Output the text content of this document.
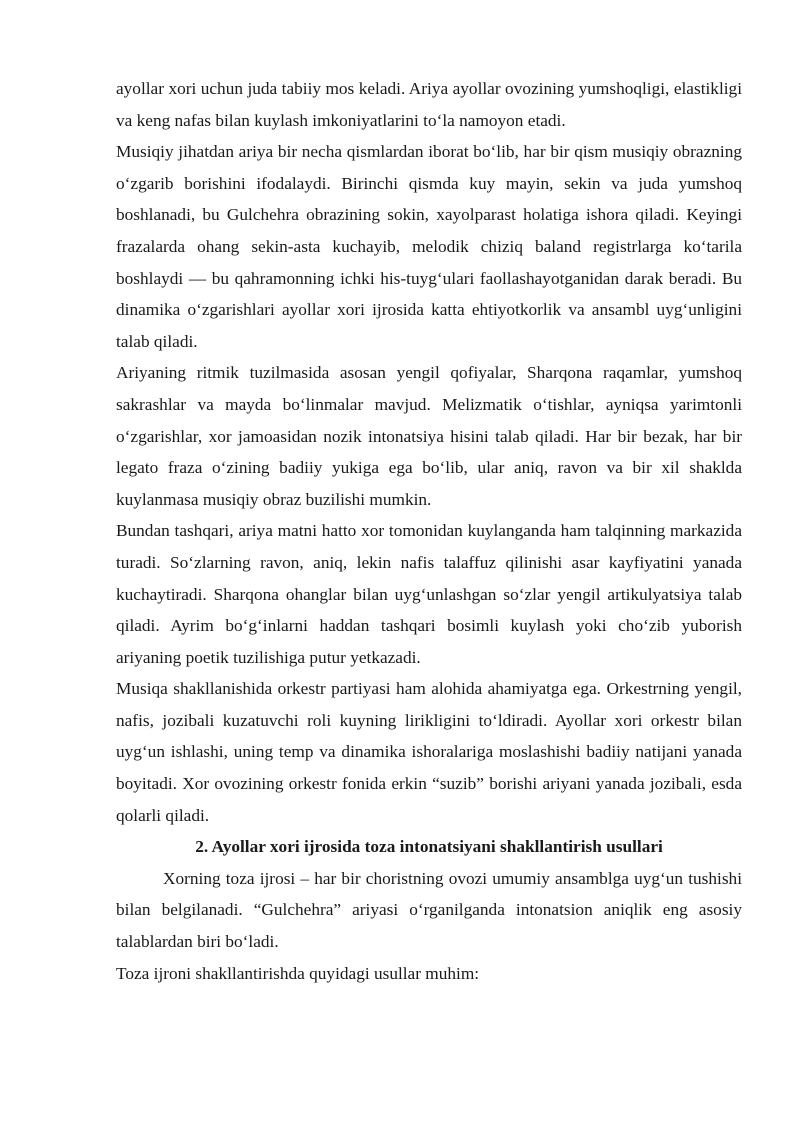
ayollar xori uchun juda tabiiy mos keladi. Ariya ayollar ovozining yumshoqligi, elastikligi va keng nafas bilan kuylash imkoniyatlarini to‘la namoyon etadi.

Musiqiy jihatdan ariya bir necha qismlardan iborat bo‘lib, har bir qism musiqiy obrazning o‘zgarib borishini ifodalaydi. Birinchi qismda kuy mayin, sekin va juda yumshoq boshlanadi, bu Gulchehra obrazining sokin, xayolparast holatiga ishora qiladi. Keyingi frazalarda ohang sekin-asta kuchayib, melodik chiziq baland registrlarga ko‘tarila boshlaydi — bu qahramonning ichki his-tuyg‘ulari faollashayotganidan darak beradi. Bu dinamika o‘zgarishlari ayollar xori ijrosida katta ehtiyotkorlik va ansambl uyg‘unligini talab qiladi.

Ariyaning ritmik tuzilmasida asosan yengil qofiyalar, Sharqona raqamlar, yumshoq sakrashlar va mayda bo‘linmalar mavjud. Melizmatik o‘tishlar, ayniqsa yarimtonli o‘zgarishlar, xor jamoasidan nozik intonatsiya hisini talab qiladi. Har bir bezak, har bir legato fraza o‘zining badiiy yukiga ega bo‘lib, ular aniq, ravon va bir xil shaklda kuylanmasa musiqiy obraz buzilishi mumkin.

Bundan tashqari, ariya matni hatto xor tomonidan kuylanganda ham talqinning markazida turadi. So‘zlarning ravon, aniq, lekin nafis talaffuz qilinishi asar kayfiyatini yanada kuchaytiradi. Sharqona ohanglar bilan uyg‘unlashgan so‘zlar yengil artikulyatsiya talab qiladi. Ayrim bo‘g‘inlarni haddan tashqari bosimli kuylash yoki cho‘zib yuborish ariyaning poetik tuzilishiga putur yetkazadi.

Musiqa shakllanishida orkestr partiyasi ham alohida ahamiyatga ega. Orkestrning yengil, nafis, jozibali kuzatuvchi roli kuyning lirikligini to‘ldiradi. Ayollar xori orkestr bilan uyg‘un ishlashi, uning temp va dinamika ishoralariga moslashishi badiiy natijani yanada boyitadi. Xor ovozining orkestr fonida erkin “suzib” borishi ariyani yanada jozibali, esda qolarli qiladi.

2. Ayollar xori ijrosida toza intonatsiyani shakllantirish usullari

Xorning toza ijrosi – har bir choristning ovozi umumiy ansamblga uyg‘un tushishi bilan belgilanadi. “Gulchehra” ariyasi o‘rganilganda intonatsion aniqlik eng asosiy talablardan biri bo‘ladi.

Toza ijroni shakllantirishda quyidagi usullar muhim:
